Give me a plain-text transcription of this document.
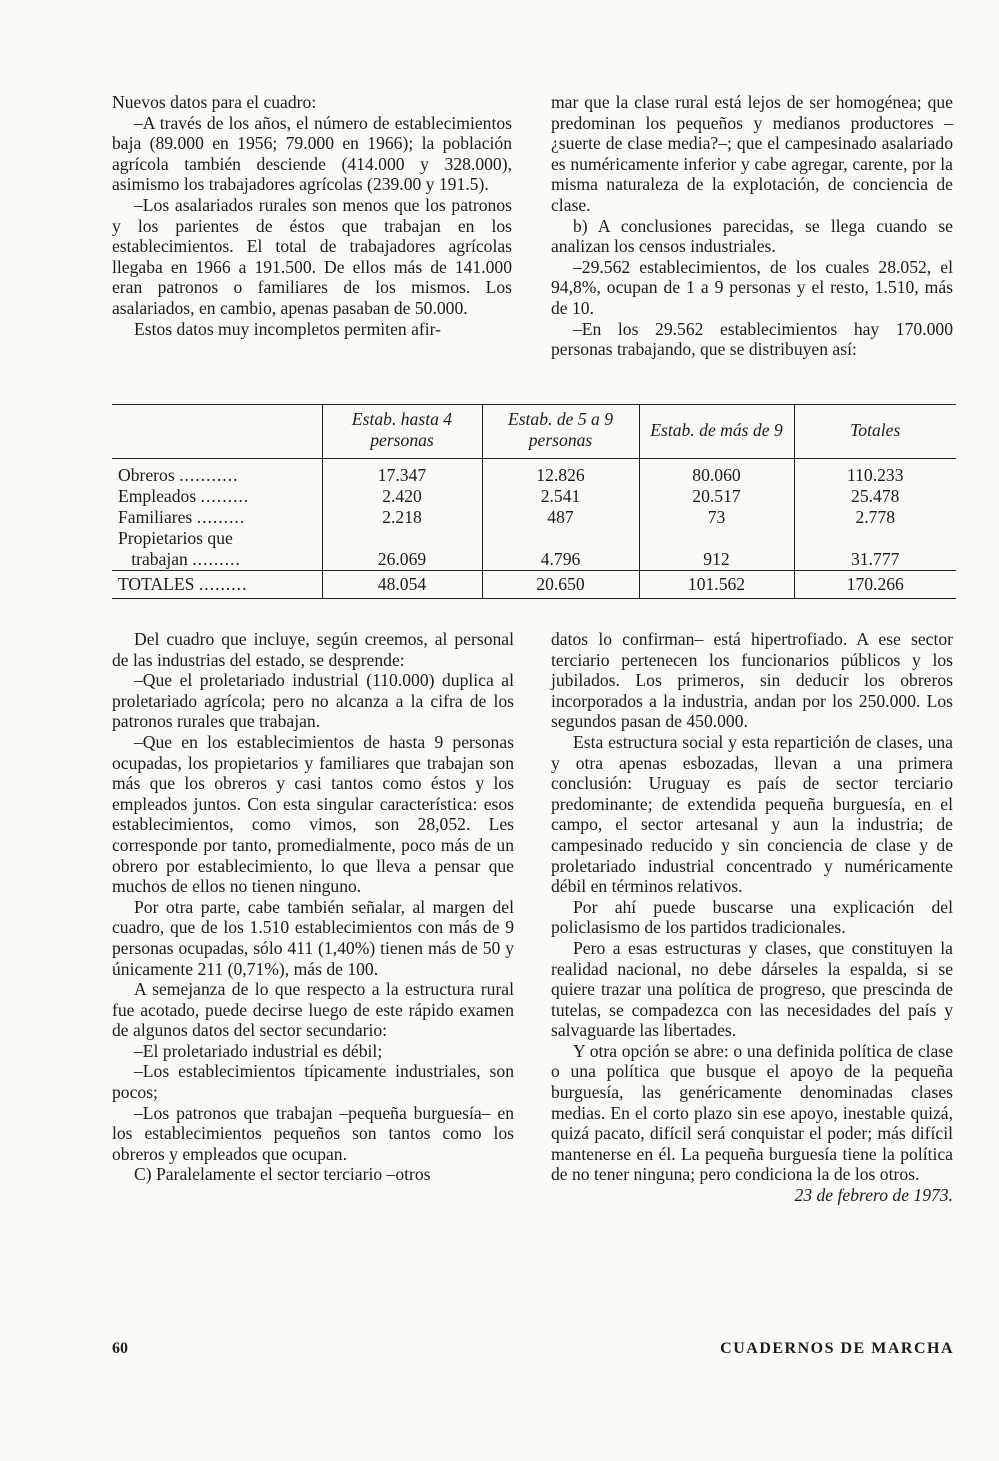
Nuevos datos para el cuadro:

–A través de los años, el número de establecimientos baja (89.000 en 1956; 79.000 en 1966); la población agrícola también desciende (414.000 y 328.000), asimismo los trabajadores agrícolas (239.00 y 191.5).

–Los asalariados rurales son menos que los patronos y los parientes de éstos que trabajan en los establecimientos. El total de trabajadores agrícolas llegaba en 1966 a 191.500. De ellos más de 141.000 eran patronos o familiares de los mismos. Los asalariados, en cambio, apenas pasaban de 50.000.

Estos datos muy incompletos permiten afir-

mar que la clase rural está lejos de ser homogénea; que predominan los pequeños y medianos productores –¿suerte de clase media?–; que el campesinado asalariado es numéricamente inferior y cabe agregar, carente, por la misma naturaleza de la explotación, de conciencia de clase.

b) A conclusiones parecidas, se llega cuando se analizan los censos industriales.

–29.562 establecimientos, de los cuales 28.052, el 94,8%, ocupan de 1 a 9 personas y el resto, 1.510, más de 10.

–En los 29.562 establecimientos hay 170.000 personas trabajando, que se distribuyen así:

	Estab. hasta 4 personas	Estab. de 5 a 9 personas	Estab. de más de 9	Totales
Obreros ...........	17.347	12.826	80.060	110.233
Empleados .........	2.420	2.541	20.517	25.478
Familiares .........	2.218	487	73	2.778
Propietarios que
trabajan .........	26.069	4.796	912	31.777
TOTALES .........	48.054	20.650	101.562	170.266

Del cuadro que incluye, según creemos, al personal de las industrias del estado, se desprende:

–Que el proletariado industrial (110.000) duplica al proletariado agrícola; pero no alcanza a la cifra de los patronos rurales que trabajan.

–Que en los establecimientos de hasta 9 personas ocupadas, los propietarios y familiares que trabajan son más que los obreros y casi tantos como éstos y los empleados juntos. Con esta singular característica: esos establecimientos, como vimos, son 28,052. Les corresponde por tanto, promedialmente, poco más de un obrero por establecimiento, lo que lleva a pensar que muchos de ellos no tienen ninguno.

Por otra parte, cabe también señalar, al margen del cuadro, que de los 1.510 establecimientos con más de 9 personas ocupadas, sólo 411 (1,40%) tienen más de 50 y únicamente 211 (0,71%), más de 100.

A semejanza de lo que respecto a la estructura rural fue acotado, puede decirse luego de este rápido examen de algunos datos del sector secundario:

–El proletariado industrial es débil;

–Los establecimientos típicamente industriales, son pocos;

–Los patronos que trabajan –pequeña burguesía– en los establecimientos pequeños son tantos como los obreros y empleados que ocupan.

C) Paralelamente el sector terciario –otros

datos lo confirman– está hipertrofiado. A ese sector terciario pertenecen los funcionarios públicos y los jubilados. Los primeros, sin deducir los obreros incorporados a la industria, andan por los 250.000. Los segundos pasan de 450.000.

Esta estructura social y esta repartición de clases, una y otra apenas esbozadas, llevan a una primera conclusión: Uruguay es país de sector terciario predominante; de extendida pequeña burguesía, en el campo, el sector artesanal y aun la industria; de campesinado reducido y sin conciencia de clase y de proletariado industrial concentrado y numéricamente débil en términos relativos.

Por ahí puede buscarse una explicación del policlasismo de los partidos tradicionales.

Pero a esas estructuras y clases, que constituyen la realidad nacional, no debe dárseles la espalda, si se quiere trazar una política de progreso, que prescinda de tutelas, se compadezca con las necesidades del país y salvaguarde las libertades.

Y otra opción se abre: o una definida política de clase o una política que busque el apoyo de la pequeña burguesía, las genéricamente denominadas clases medias. En el corto plazo sin ese apoyo, inestable quizá, quizá pacato, difícil será conquistar el poder; más difícil mantenerse en él. La pequeña burguesía tiene la política de no tener ninguna; pero condiciona la de los otros.

23 de febrero de 1973.

60	CUADERNOS DE MARCHA
